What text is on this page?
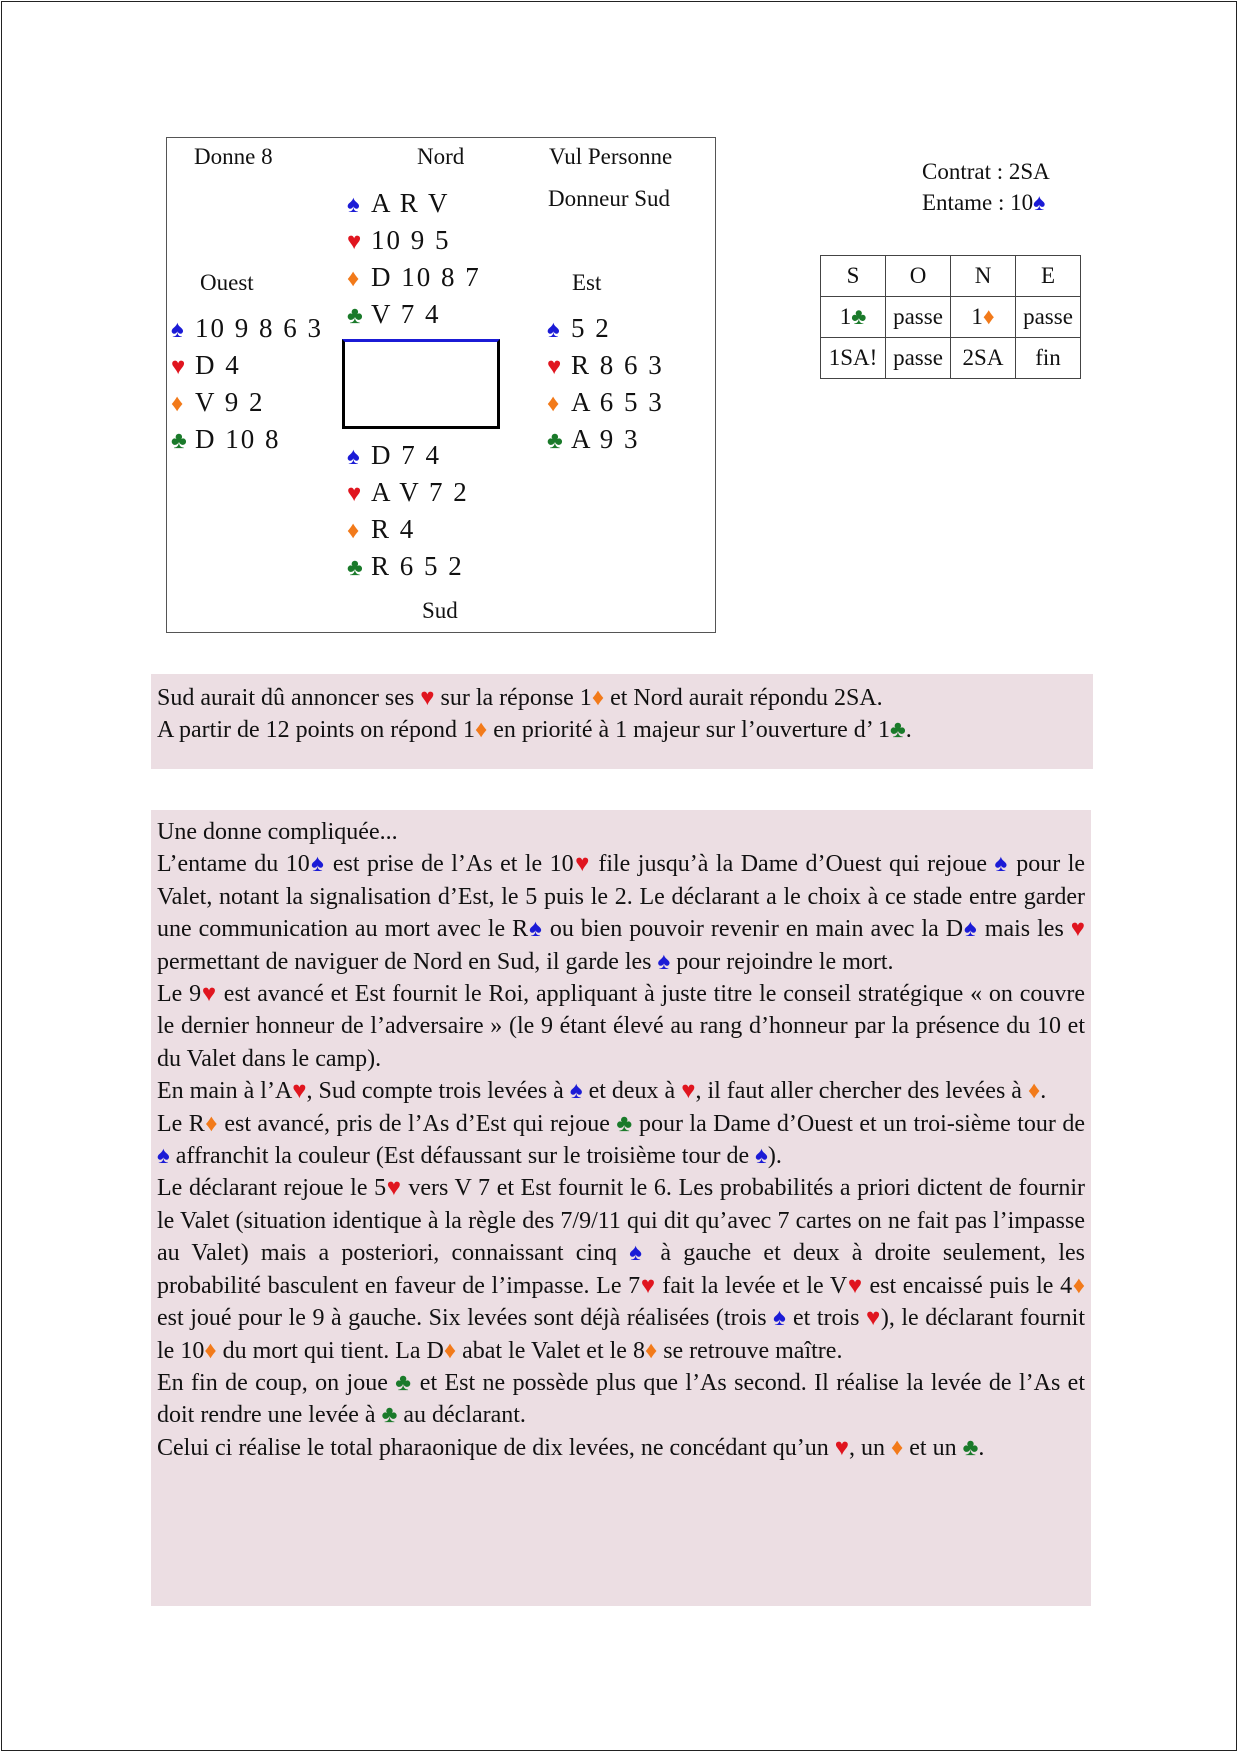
Donne 8	Nord	Vul Personne
Donneur Sud
Ouest	Est
Sud
♠ A R V
♥ 10 9 5
♦ D 10 8 7
♣ V 7 4
♠ 10 9 8 6 3
♥ D 4
♦ V 9 2
♣ D 10 8
♠ 5 2
♥ R 8 6 3
♦ A 6 5 3
♣ A 9 3
♠ D 7 4
♥ A V 7 2
♦ R 4
♣ R 6 5 2
Contrat : 2SA
Entame : 10♠
S	O	N	E
1♣	passe	1♦	passe
1SA!	passe	2SA	fin
Sud aurait dû annoncer ses ♥ sur la réponse 1♦ et Nord aurait répondu 2SA.
A partir de 12 points on répond 1♦ en priorité à 1 majeur sur l’ouverture d’ 1♣.
Une donne compliquée...
L’entame du 10♠ est prise de l’As et le 10♥ file jusqu’à la Dame d’Ouest qui rejoue ♠ pour le Valet, notant la signalisation d’Est, le 5 puis le 2. Le déclarant a le choix à ce stade entre garder une communication au mort avec le R♠ ou bien pouvoir revenir en main avec la D♠ mais les ♥ permettant de naviguer de Nord en Sud, il garde les ♠ pour rejoindre le mort.
Le 9♥ est avancé et Est fournit le Roi, appliquant à juste titre le conseil stratégique « on couvre le dernier honneur de l’adversaire » (le 9 étant élevé au rang d’honneur par la présence du 10 et du Valet dans le camp).
En main à l’A♥, Sud compte trois levées à ♠ et deux à ♥, il faut aller chercher des levées à ♦.
Le R♦ est avancé, pris de l’As d’Est qui rejoue ♣ pour la Dame d’Ouest et un troi-sième tour de ♠ affranchit la couleur (Est défaussant sur le troisième tour de ♠).
Le déclarant rejoue le 5♥ vers V 7 et Est fournit le 6. Les probabilités a priori dictent de fournir le Valet (situation identique à la règle des 7/9/11 qui dit qu’avec 7 cartes on ne fait pas l’impasse au Valet) mais a posteriori, connaissant cinq ♠ à gauche et deux à droite seulement, les probabilité basculent en faveur de l’impasse. Le 7♥ fait la levée et le V♥ est encaissé puis le 4♦ est joué pour le 9 à gauche. Six levées sont déjà réalisées (trois ♠ et trois ♥), le déclarant fournit le 10♦ du mort qui tient. La D♦ abat le Valet et le 8♦ se retrouve maître.
En fin de coup, on joue ♣ et Est ne possède plus que l’As second. Il réalise la levée de l’As et doit rendre une levée à ♣ au déclarant.
Celui ci réalise le total pharaonique de dix levées, ne concédant qu’un ♥, un ♦ et un ♣.
